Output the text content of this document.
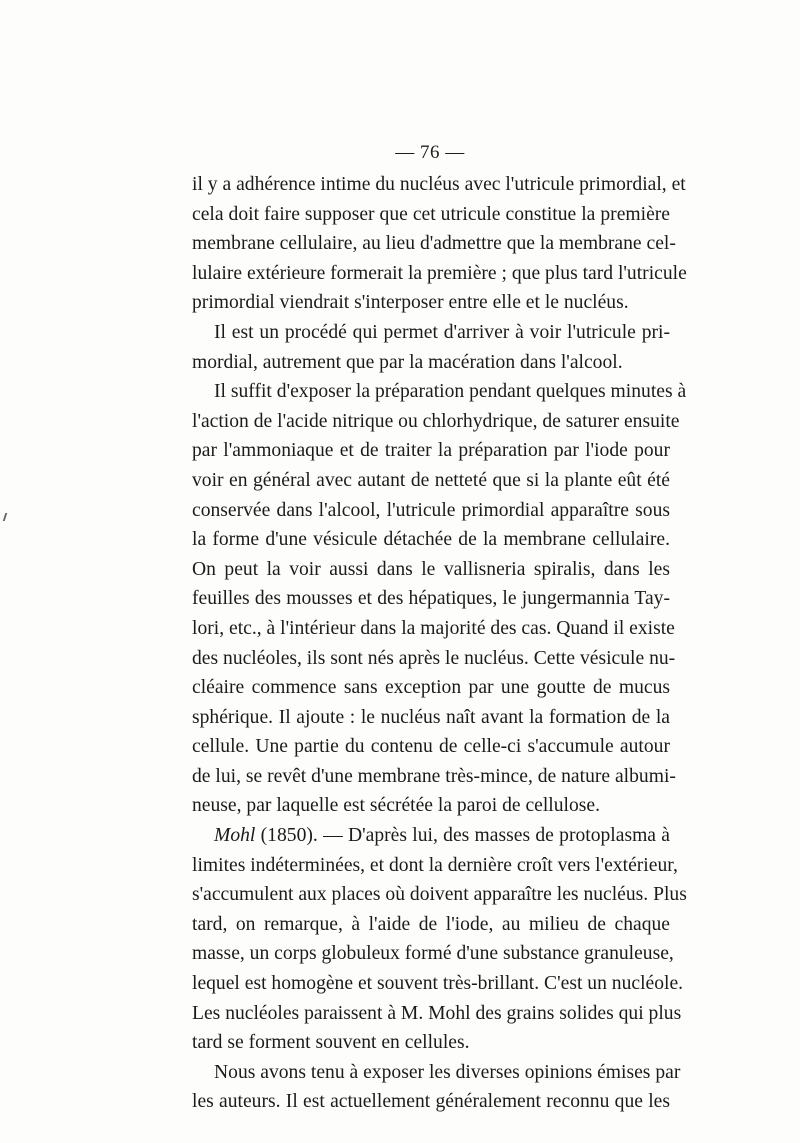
— 76 —
il y a adhérence intime du nucléus avec l'utricule primordial, et
cela doit faire supposer que cet utricule constitue la première
membrane cellulaire, au lieu d'admettre que la membrane cel-
lulaire extérieure formerait la première ; que plus tard l'utricule
primordial viendrait s'interposer entre elle et le nucléus.
Il est un procédé qui permet d'arriver à voir l'utricule pri-
mordial, autrement que par la macération dans l'alcool.
Il suffit d'exposer la préparation pendant quelques minutes à
l'action de l'acide nitrique ou chlorhydrique, de saturer ensuite
par l'ammoniaque et de traiter la préparation par l'iode pour
voir en général avec autant de netteté que si la plante eût été
conservée dans l'alcool, l'utricule primordial apparaître sous
la forme d'une vésicule détachée de la membrane cellulaire.
On peut la voir aussi dans le vallisneria spiralis, dans les
feuilles des mousses et des hépatiques, le jungermannia Tay-
lori, etc., à l'intérieur dans la majorité des cas. Quand il existe
des nucléoles, ils sont nés après le nucléus. Cette vésicule nu-
cléaire commence sans exception par une goutte de mucus
sphérique. Il ajoute : le nucléus naît avant la formation de la
cellule. Une partie du contenu de celle-ci s'accumule autour
de lui, se revêt d'une membrane très-mince, de nature albumi-
neuse, par laquelle est sécrétée la paroi de cellulose.
Mohl (1850). — D'après lui, des masses de protoplasma à
limites indéterminées, et dont la dernière croît vers l'extérieur,
s'accumulent aux places où doivent apparaître les nucléus. Plus
tard, on remarque, à l'aide de l'iode, au milieu de chaque
masse, un corps globuleux formé d'une substance granuleuse,
lequel est homogène et souvent très-brillant. C'est un nucléole.
Les nucléoles paraissent à M. Mohl des grains solides qui plus
tard se forment souvent en cellules.
Nous avons tenu à exposer les diverses opinions émises par
les auteurs. Il est actuellement généralement reconnu que les
